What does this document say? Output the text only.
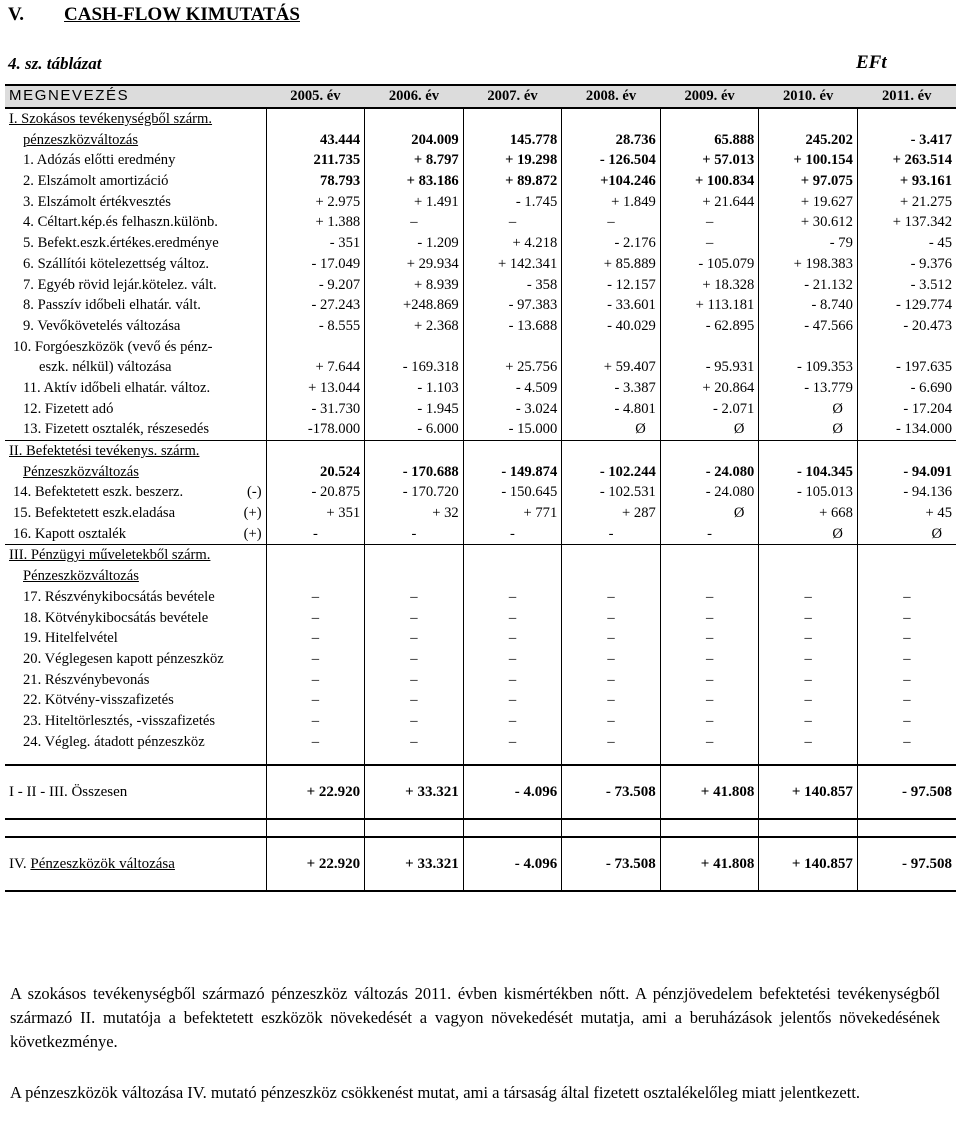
V. CASH-FLOW KIMUTATÁS
4. sz. táblázat	EFt
MEGNEVEZÉS	2005. év	2006. év	2007. év	2008. év	2009. év	2010. év	2011. év
I. Szokásos tevékenységből szárm.							
pénzeszközváltozás	43.444	204.009	145.778	28.736	65.888	245.202	- 3.417
1. Adózás előtti eredmény	211.735	+ 8.797	+ 19.298	- 126.504	+ 57.013	+ 100.154	+ 263.514
2. Elszámolt amortizáció	78.793	+ 83.186	+ 89.872	+104.246	+ 100.834	+ 97.075	+ 93.161
3. Elszámolt értékvesztés	+ 2.975	+ 1.491	- 1.745	+ 1.849	+ 21.644	+ 19.627	+ 21.275
4. Céltart.kép.és felhaszn.különb.	+ 1.388	–	–	–	–	+ 30.612	+ 137.342
5. Befekt.eszk.értékes.eredménye	- 351	- 1.209	+ 4.218	- 2.176	–	- 79	- 45
6. Szállítói kötelezettség változ.	- 17.049	+ 29.934	+ 142.341	+ 85.889	- 105.079	+ 198.383	- 9.376
7. Egyéb rövid lejár.kötelez. vált.	- 9.207	+ 8.939	- 358	- 12.157	+ 18.328	- 21.132	- 3.512
8. Passzív időbeli elhatár. vált.	- 27.243	+248.869	- 97.383	- 33.601	+ 113.181	- 8.740	- 129.774
9. Vevőkövetelés változása	- 8.555	+ 2.368	- 13.688	- 40.029	- 62.895	- 47.566	- 20.473
10. Forgóeszközök (vevő és pénz-							
eszk. nélkül) változása	+ 7.644	- 169.318	+ 25.756	+ 59.407	- 95.931	- 109.353	- 197.635
11. Aktív időbeli elhatár. változ.	+ 13.044	- 1.103	- 4.509	- 3.387	+ 20.864	- 13.779	- 6.690
12. Fizetett adó	- 31.730	- 1.945	- 3.024	- 4.801	- 2.071	Ø	- 17.204
13. Fizetett osztalék, részesedés	-178.000	- 6.000	- 15.000	Ø	Ø	Ø	- 134.000
II. Befektetési tevékenys. szárm.							
Pénzeszközváltozás	20.524	- 170.688	- 149.874	- 102.244	- 24.080	- 104.345	- 94.091
14. Befektetett eszk. beszerz. (-)	- 20.875	- 170.720	- 150.645	- 102.531	- 24.080	- 105.013	- 94.136
15. Befektetett eszk.eladása (+)	+ 351	+ 32	+ 771	+ 287	Ø	+ 668	+ 45
16. Kapott osztalék (+)	-	-	-	-	-	Ø	Ø
III. Pénzügyi műveletekből szárm.							
Pénzeszközváltozás							
17. Részvénykibocsátás bevétele	–	–	–	–	–	–	–
18. Kötvénykibocsátás bevétele	–	–	–	–	–	–	–
19. Hitelfelvétel	–	–	–	–	–	–	–
20. Véglegesen kapott pénzeszköz	–	–	–	–	–	–	–
21. Részvénybevonás	–	–	–	–	–	–	–
22. Kötvény-visszafizetés	–	–	–	–	–	–	–
23. Hiteltörlesztés, -visszafizetés	–	–	–	–	–	–	–
24. Végleg. átadott pénzeszköz	–	–	–	–	–	–	–

I - II - III. Összesen	+ 22.920	+ 33.321	- 4.096	- 73.508	+ 41.808	+ 140.857	- 97.508

IV. Pénzeszközök változása	+ 22.920	+ 33.321	- 4.096	- 73.508	+ 41.808	+ 140.857	- 97.508
A szokásos tevékenységből származó pénzeszköz változás 2011. évben kismértékben nőtt. A pénzjövedelem befektetési tevékenységből származó II. mutatója a befektetett eszközök növekedését a vagyon növekedését mutatja, ami a beruházások jelentős növekedésének következménye.
A pénzeszközök változása IV. mutató pénzeszköz csökkenést mutat, ami a társaság által fizetett osztalékelőleg miatt jelentkezett.
